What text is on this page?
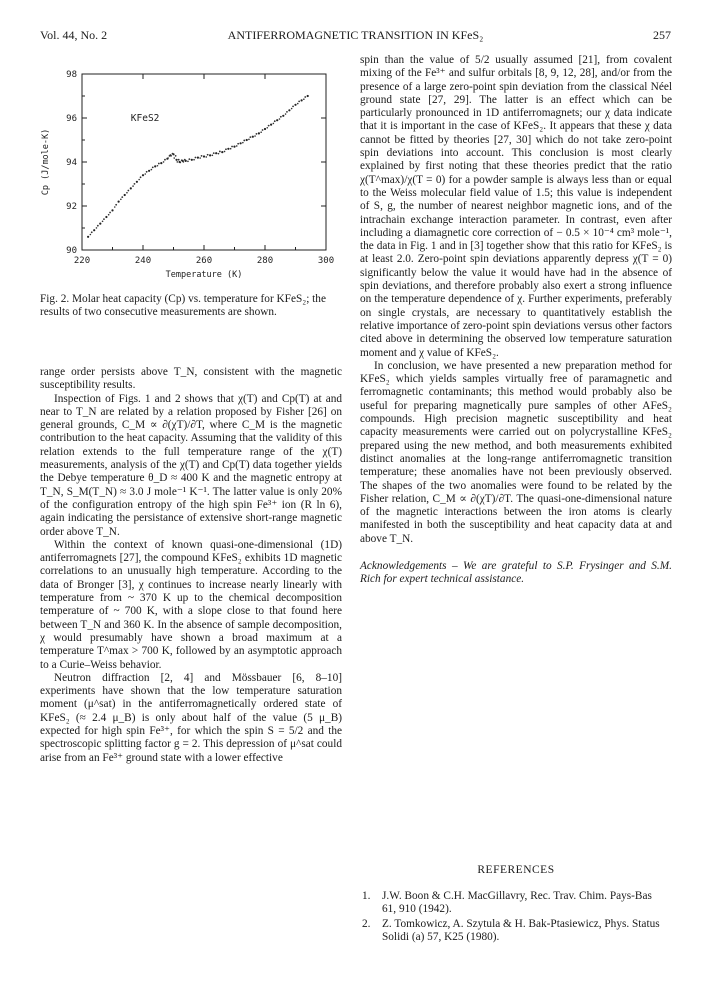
Vol. 44, No. 2	ANTIFERROMAGNETIC TRANSITION IN KFeS₂	257
220	240	260	280	300
98
96
94
92
90
Temperature (K)
Cp (J/mole-K)
KFeS2
Fig. 2. Molar heat capacity (Cp) vs. temperature for KFeS₂; the results of two consecutive measurements are shown.

range order persists above T_N, consistent with the magnetic susceptibility results.

Inspection of Figs. 1 and 2 shows that χ(T) and Cp(T) at and near to T_N are related by a relation proposed by Fisher [26] on general grounds, C_M ∝ ∂(χT)/∂T, where C_M is the magnetic contribution to the heat capacity. Assuming that the validity of this relation extends to the full temperature range of the χ(T) measurements, analysis of the χ(T) and Cp(T) data together yields the Debye temperature θ_D ≈ 400 K and the magnetic entropy at T_N, S_M(T_N) ≈ 3.0 J mole⁻¹ K⁻¹. The latter value is only 20% of the configuration entropy of the high spin Fe³⁺ ion (R ln 6), again indicating the persistance of extensive short-range magnetic order above T_N.

Within the context of known quasi-one-dimensional (1D) antiferromagnets [27], the compound KFeS₂ exhibits 1D magnetic correlations to an unusually high temperature. According to the data of Bronger [3], χ continues to increase nearly linearly with temperature from ~ 370 K up to the chemical decomposition temperature of ~ 700 K, with a slope close to that found here between T_N and 360 K. In the absence of sample decomposition, χ would presumably have shown a broad maximum at a temperature T^max > 700 K, followed by an asymptotic approach to a Curie–Weiss behavior.

Neutron diffraction [2, 4] and Mössbauer [6, 8–10] experiments have shown that the low temperature saturation moment (μ^sat) in the antiferromagnetically ordered state of KFeS₂ (≈ 2.4 μ_B) is only about half of the value (5 μ_B) expected for high spin Fe³⁺, for which the spin S = 5/2 and the spectroscopic splitting factor g = 2. This depression of μ^sat could arise from an Fe³⁺ ground state with a lower effective

spin than the value of 5/2 usually assumed [21], from covalent mixing of the Fe³⁺ and sulfur orbitals [8, 9, 12, 28], and/or from the presence of a large zero-point spin deviation from the classical Néel ground state [27, 29]. The latter is an effect which can be particularly pronounced in 1D antiferromagnets; our χ data indicate that it is important in the case of KFeS₂. It appears that these χ data cannot be fitted by theories [27, 30] which do not take zero-point spin deviations into account. This conclusion is most clearly explained by first noting that these theories predict that the ratio χ(T^max)/χ(T = 0) for a powder sample is always less than or equal to the Weiss molecular field value of 1.5; this value is independent of S, g, the number of nearest neighbor magnetic ions, and of the intrachain exchange interaction parameter. In contrast, even after including a diamagnetic core correction of − 0.5 × 10⁻⁴ cm³ mole⁻¹, the data in Fig. 1 and in [3] together show that this ratio for KFeS₂ is at least 2.0. Zero-point spin deviations apparently depress χ(T = 0) significantly below the value it would have had in the absence of spin deviations, and therefore probably also exert a strong influence on the temperature dependence of χ. Further experiments, preferably on single crystals, are necessary to quantitatively establish the relative importance of zero-point spin deviations versus other factors cited above in determining the observed low temperature saturation moment and χ value of KFeS₂.

In conclusion, we have presented a new preparation method for KFeS₂ which yields samples virtually free of paramagnetic and ferromagnetic contaminants; this method would probably also be useful for preparing magnetically pure samples of other AFeS₂ compounds. High precision magnetic susceptibility and heat capacity measurements were carried out on polycrystalline KFeS₂ prepared using the new method, and both measurements exhibited distinct anomalies at the long-range antiferromagnetic transition temperature; these anomalies have not been previously observed. The shapes of the two anomalies were found to be related by the Fisher relation, C_M ∝ ∂(χT)/∂T. The quasi-one-dimensional nature of the magnetic interactions between the iron atoms is clearly manifested in both the susceptibility and heat capacity data at and above T_N.

Acknowledgements – We are grateful to S.P. Frysinger and S.M. Rich for expert technical assistance.

REFERENCES
1.	J.W. Boon & C.H. MacGillavry, Rec. Trav. Chim. Pays-Bas 61, 910 (1942).
2.	Z. Tomkowicz, A. Szytula & H. Bak-Ptasiewicz, Phys. Status Solidi (a) 57, K25 (1980).
